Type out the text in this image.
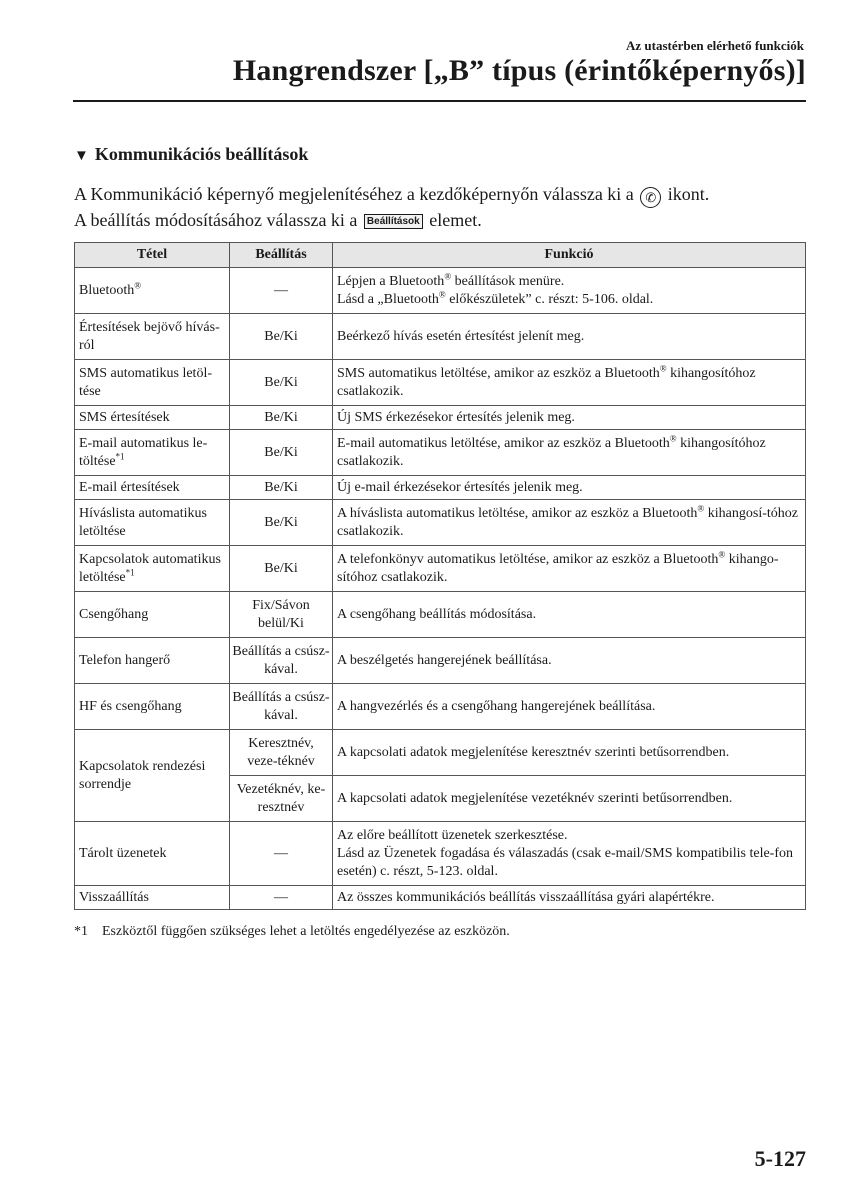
Az utastérben elérhető funkciók
Hangrendszer [„B” típus (érintőképernyős)]
▼ Kommunikációs beállítások
A Kommunikáció képernyő megjelenítéséhez a kezdőképernyőn válassza ki a ✆ ikont.
A beállítás módosításához válassza ki a Beállítások elemet.
Tétel	Beállítás	Funkció
Bluetooth®	—	Lépjen a Bluetooth® beállítások menüre.
Lásd a „Bluetooth® előkészületek” c. részt: 5-106. oldal.

Értesítések bejövő hívás-ról	Be/Ki	Beérkező hívás esetén értesítést jelenít meg.
SMS automatikus letöl-tése	Be/Ki	SMS automatikus letöltése, amikor az eszköz a Bluetooth® kihangosítóhoz csatlakozik.
SMS értesítések	Be/Ki	Új SMS érkezésekor értesítés jelenik meg.
E-mail automatikus le-töltése$^{*1}$	Be/Ki	E-mail automatikus letöltése, amikor az eszköz a Bluetooth® kihangosítóhoz csatlakozik.
E-mail értesítések	Be/Ki	Új e-mail érkezésekor értesítés jelenik meg.
Híváslista automatikus letöltése	Be/Ki	A híváslista automatikus letöltése, amikor az eszköz a Bluetooth® kihangosí-tóhoz csatlakozik.
Kapcsolatok automatikus letöltése$^{*1}$	Be/Ki	A telefonkönyv automatikus letöltése, amikor az eszköz a Bluetooth® kihango-sítóhoz csatlakozik.
Csengőhang	Fix/Sávon belül/Ki	A csengőhang beállítás módosítása.
Telefon hangerő	Beállítás a csúsz-kával.	A beszélgetés hangerejének beállítása.
HF és csengőhang	Beállítás a csúsz-kával.	A hangvezérlés és a csengőhang hangerejének beállítása.
Kapcsolatok rendezési sorrendje	Keresztnév, veze-téknév	A kapcsolati adatok megjelenítése keresztnév szerinti betűsorrendben.
	Vezetéknév, ke-resztnév	A kapcsolati adatok megjelenítése vezetéknév szerinti betűsorrendben.
Tárolt üzenetek	—	Az előre beállított üzenetek szerkesztése.
Lásd az Üzenetek fogadása és válaszadás (csak e-mail/SMS kompatibilis tele-fon esetén) c. részt, 5-123. oldal.

Visszaállítás	—	Az összes kommunikációs beállítás visszaállítása gyári alapértékre.
*1 Eszköztől függően szükséges lehet a letöltés engedélyezése az eszközön.
5-127
